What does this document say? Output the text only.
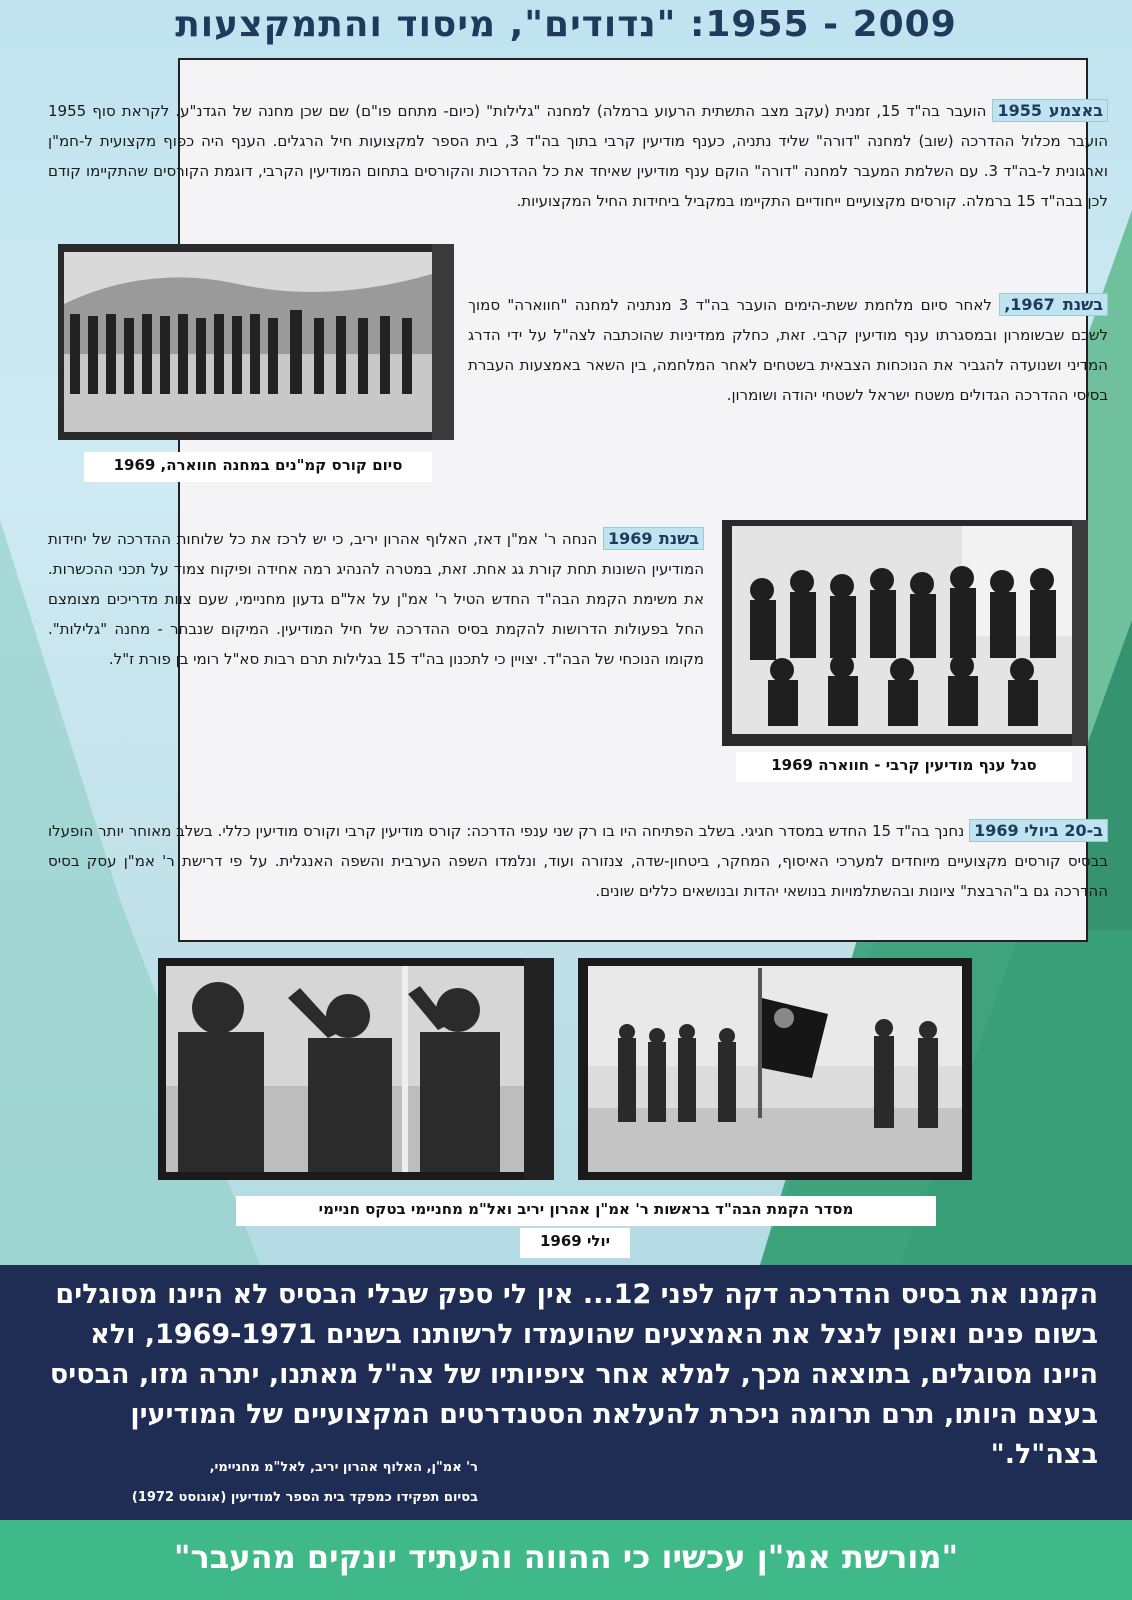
2009 - 1955: "נדודים", מיסוד והתמקצעות
באצמע 1955 הועבר בה"ד 15, זמנית (עקב מצב התשתית הרעוע ברמלה) למחנה "גלילות" (כיום- מתחם פו"ם) שם שכן מחנה של הגדנ"ע. לקראת סוף 1955 הועבר מכלול ההדרכה (שוב) למחנה "דורה" שליד נתניה, כענף מודיעין קרבי בתוך בה"ד 3, בית הספר למקצועות חיל הרגלים. הענף היה כפוף מקצועית ל-חמ"ן וארגונית ל-בה"ד 3. עם השלמת המעבר למחנה "דורה" הוקם ענף מודיעין שאיחד את כל ההדרכות והקורסים בתחום המודיעין הקרבי, דוגמת הקורסים שהתקיימו קודם לכן בבה"ד 15 ברמלה. קורסים מקצועיים ייחודיים התקיימו במקביל ביחידות החיל המקצועיות.
סיום קורס קמ"נים במחנה חווארה, 1969
בשנת 1967, לאחר סיום מלחמת ששת-הימים הועבר בה"ד 3 מנתניה למחנה "חווארה" סמוך לשכם שבשומרון ובמסגרתו ענף מודיעין קרבי. זאת, כחלק ממדיניות שהוכתבה לצה"ל על ידי הדרג המדיני ושנועדה להגביר את הנוכחות הצבאית בשטחים לאחר המלחמה, בין השאר באמצעות העברת בסיסי ההדרכה הגדולים משטח ישראל לשטחי יהודה ושומרון.
סגל ענף מודיעין קרבי - חווארה 1969
בשנת 1969 הנחה ר' אמ"ן דאז, האלוף אהרון יריב, כי יש לרכז את כל שלוחות ההדרכה של יחידות המודיעין השונות תחת קורת גג אחת. זאת, במטרה להנהיג רמה אחידה ופיקוח צמוד על תכני ההכשרות. את משימת הקמת הבה"ד החדש הטיל ר' אמ"ן על אל"ם גדעון מחניימי, שעם צוות מדריכים מצומצם החל בפעולות הדרושות להקמת בסיס ההדרכה של חיל המודיעין. המיקום שנבחר - מחנה "גלילות". מקומו הנוכחי של הבה"ד. יצויין כי לתכנון בה"ד 15 בגלילות תרם רבות סא"ל רומי בן פורת ז"ל.
ב-20 ביולי 1969 נחנך בה"ד 15 החדש במסדר חגיגי. בשלב הפתיחה היו בו רק שני ענפי הדרכה: קורס מודיעין קרבי וקורס מודיעין כללי. בשלב מאוחר יותר הופעלו בבסיס קורסים מקצועיים מיוחדים למערכי האיסוף, המחקר, ביטחון-שדה, צנזורה ועוד, ונלמדו השפה הערבית והשפה האנגלית. על פי דרישת ר' אמ"ן עסק בסיס ההדרכה גם ב"הרבצת" ציונות ובהשתלמויות בנושאי יהדות ובנושאים כללים שונים.
מסדר הקמת הבה"ד בראשות ר' אמ"ן אהרון יריב ואל"מ מחניימי בטקס חניימי
יולי 1969
הקמנו את בסיס ההדרכה דקה לפני 12... אין לי ספק שבלי הבסיס לא היינו מסוגלים בשום פנים ואופן לנצל את האמצעים שהועמדו לרשותנו בשנים 1969-1971, ולא היינו מסוגלים, בתוצאה מכך, למלא אחר ציפיותיו של צה"ל מאתנו, יתרה מזו, הבסיס בעצם היותו, תרם תרומה ניכרת להעלאת הסטנדרטים המקצועיים של המודיעין בצה"ל."
ר' אמ"ן, האלוף אהרון יריב, לאל"מ מחניימי,
בסיום תפקידו כמפקד בית הספר למודיעין (אוגוסט 1972)
"מורשת אמ"ן עכשיו כי ההווה והעתיד יונקים מהעבר"
